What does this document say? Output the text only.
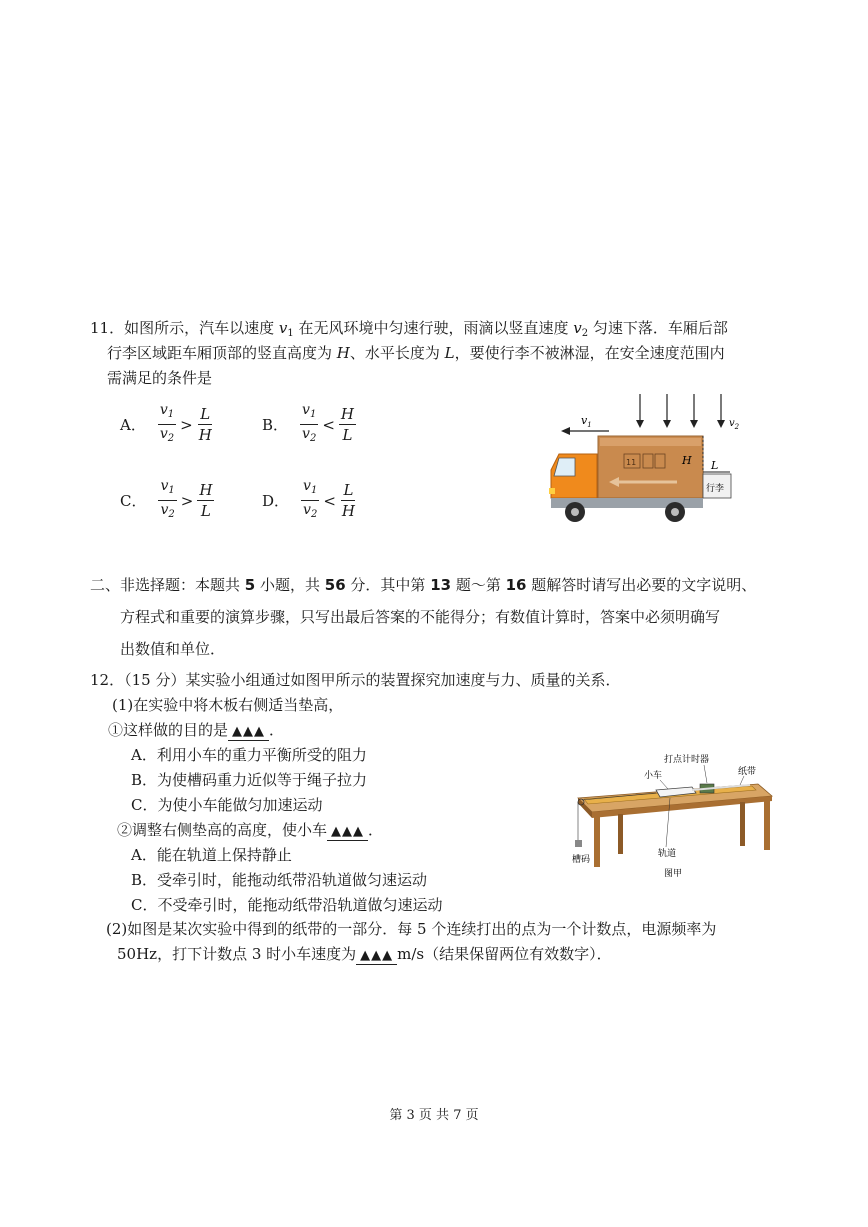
11．如图所示，汽车以速度 $v_1$ 在无风环境中匀速行驶，雨滴以竖直速度 $v_2$ 匀速下落．车厢后部
行李区域距车厢顶部的竖直高度为 H、水平长度为 L，要使行李不被淋湿，在安全速度范围内
需满足的条件是
A． $\frac{v_1}{v_2} > \frac{L}{H}$	B． $\frac{v_1}{v_2} < \frac{H}{L}$
C． $\frac{v_1}{v_2} > \frac{H}{L}$	D． $\frac{v_1}{v_2} < \frac{L}{H}$
$v_1$	$v_2$
11	H L
行李
二、非选择题：本题共 5 小题，共 56 分．其中第 13 题～第 16 题解答时请写出必要的文字说明、
方程式和重要的演算步骤，只写出最后答案的不能得分；有数值计算时，答案中必须明确写
出数值和单位．
12．（15 分）某实验小组通过如图甲所示的装置探究加速度与力、质量的关系．
(1)在实验中将木板右侧适当垫高，
①这样做的目的是 ▲▲▲ ．
A．利用小车的重力平衡所受的阻力
B．为使槽码重力近似等于绳子拉力
C．为使小车能做匀加速运动
②调整右侧垫高的高度，使小车 ▲▲▲ ．
A．能在轨道上保持静止
B．受牵引时，能拖动纸带沿轨道做匀速运动
C．不受牵引时，能拖动纸带沿轨道做匀速运动
(2)如图是某次实验中得到的纸带的一部分．每 5 个连续打出的点为一个计数点，电源频率为
50Hz，打下计数点 3 时小车速度为 ▲▲▲ m/s（结果保留两位有效数字）．
打点计时器
小车	纸带
轨道
槽码
图甲
第 3 页 共 7 页
